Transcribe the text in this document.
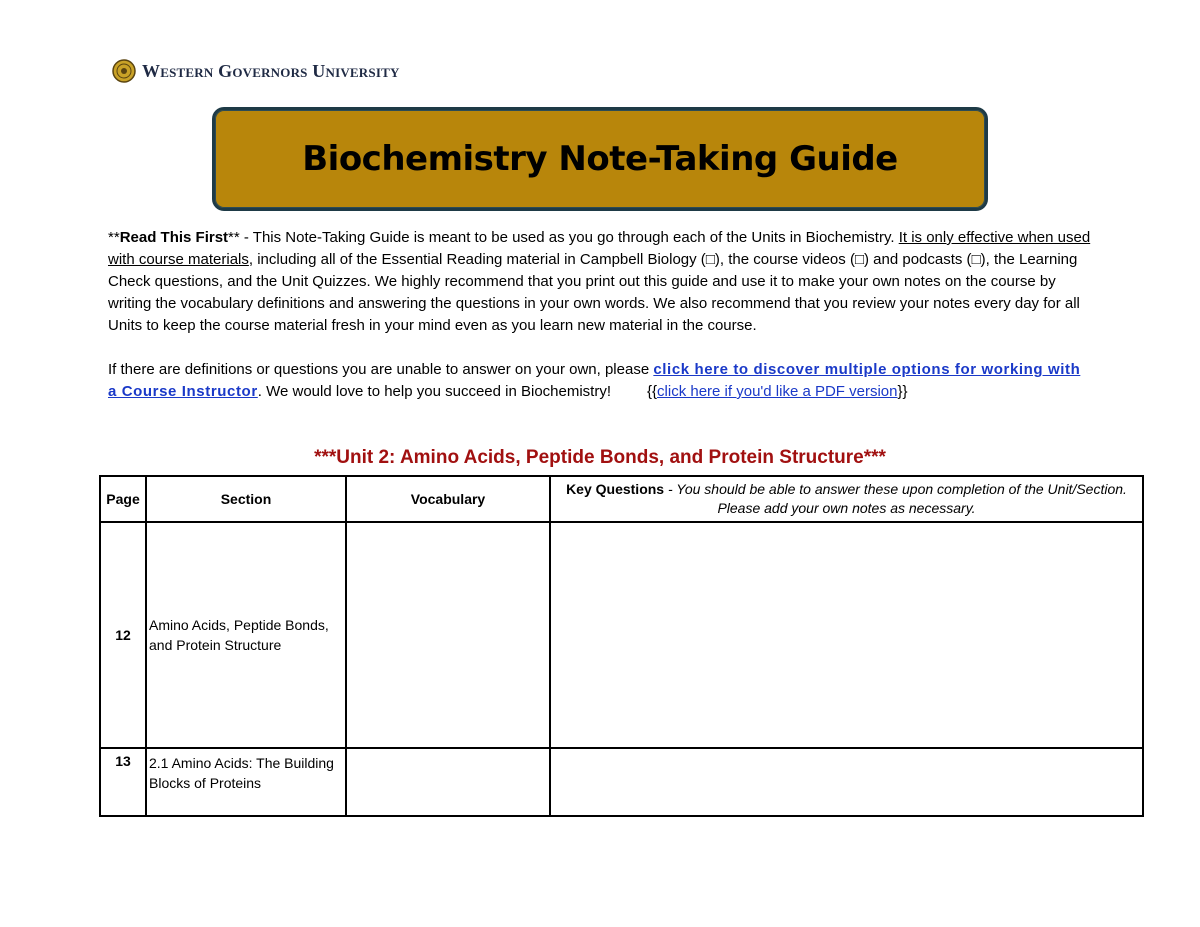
Western Governors University
Biochemistry Note-Taking Guide

**Read This First** - This Note-Taking Guide is meant to be used as you go through each of the Units in Biochemistry. It is only effective when used with course materials, including all of the Essential Reading material in Campbell Biology (□), the course videos (□) and podcasts (□), the Learning Check questions, and the Unit Quizzes. We highly recommend that you print out this guide and use it to make your own notes on the course by writing the vocabulary definitions and answering the questions in your own words. We also recommend that you review your notes every day for all Units to keep the course material fresh in your mind even as you learn new material in the course.

If there are definitions or questions you are unable to answer on your own, please click here to discover multiple options for working with a Course Instructor. We would love to help you succeed in Biochemistry! {{click here if you'd like a PDF version}}

***Unit 2: Amino Acids, Peptide Bonds, and Protein Structure***
Page	Section	Vocabulary	Key Questions - You should be able to answer these upon completion of the Unit/Section. Please add your own notes as necessary.
12	Amino Acids, Peptide Bonds, and Protein Structure		
13	2.1 Amino Acids: The Building Blocks of Proteins		
